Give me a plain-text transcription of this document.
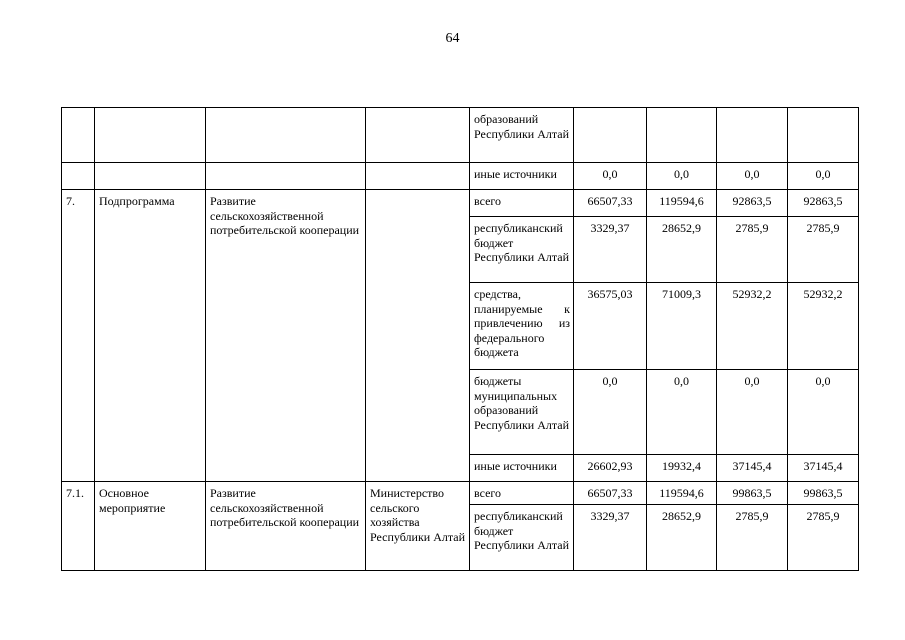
64
				образований Республики Алтай				
				иные источники	0,0	0,0	0,0	0,0
7.	Подпрограмма	Развитие сельскохозяйственной потребительской кооперации		всего	66507,33	119594,6	92863,5	92863,5
				республиканский бюджет Республики Алтай	3329,37	28652,9	2785,9	2785,9
				средства, планируемые к привлечению из федерального бюджета	36575,03	71009,3	52932,2	52932,2
				бюджеты муниципальных образований Республики Алтай	0,0	0,0	0,0	0,0
				иные источники	26602,93	19932,4	37145,4	37145,4
7.1.	Основное мероприятие	Развитие сельскохозяйственной потребительской кооперации	Министерство сельского хозяйства Республики Алтай	всего	66507,33	119594,6	99863,5	99863,5
				республиканский бюджет Республики Алтай	3329,37	28652,9	2785,9	2785,9
